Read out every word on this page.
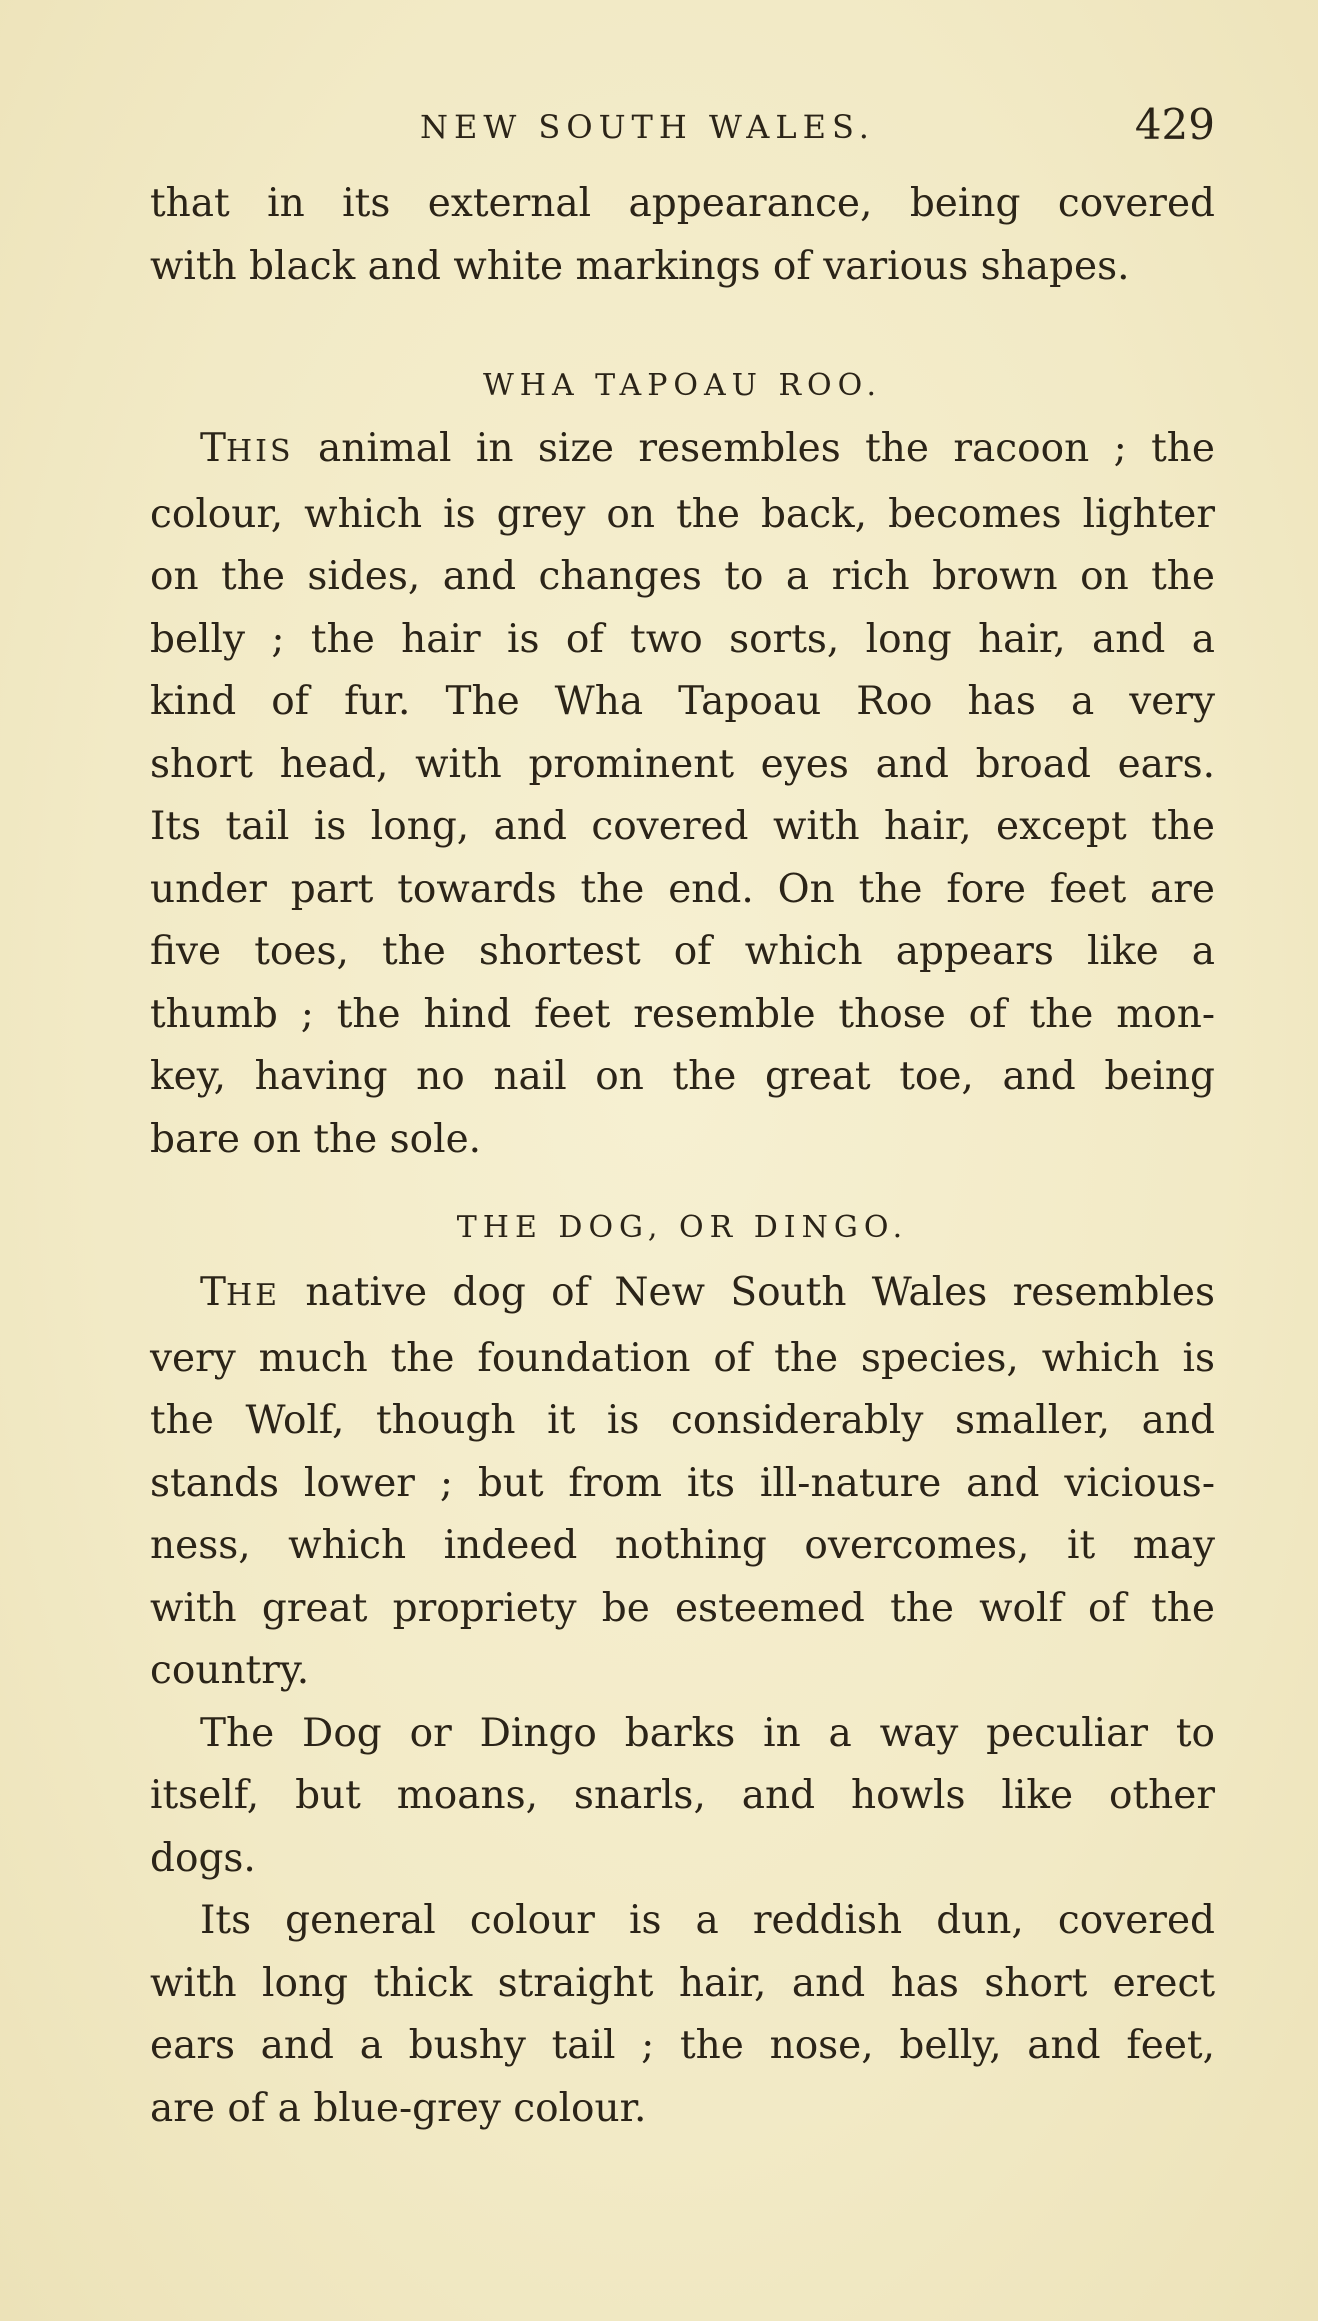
NEW SOUTH WALES.	429
that in its external appearance, being covered
with black and white markings of various shapes.
WHA TAPOAU ROO.
THIS animal in size resembles the racoon ; the
colour, which is grey on the back, becomes lighter
on the sides, and changes to a rich brown on the
belly ; the hair is of two sorts, long hair, and a
kind of fur. The Wha Tapoau Roo has a very
short head, with prominent eyes and broad ears.
Its tail is long, and covered with hair, except the
under part towards the end. On the fore feet are
five toes, the shortest of which appears like a
thumb ; the hind feet resemble those of the mon-
key, having no nail on the great toe, and being
bare on the sole.
THE DOG, OR DINGO.
THE native dog of New South Wales resembles
very much the foundation of the species, which is
the Wolf, though it is considerably smaller, and
stands lower ; but from its ill-nature and vicious-
ness, which indeed nothing overcomes, it may
with great propriety be esteemed the wolf of the
country.
The Dog or Dingo barks in a way peculiar to
itself, but moans, snarls, and howls like other
dogs.
Its general colour is a reddish dun, covered
with long thick straight hair, and has short erect
ears and a bushy tail ; the nose, belly, and feet,
are of a blue-grey colour.
